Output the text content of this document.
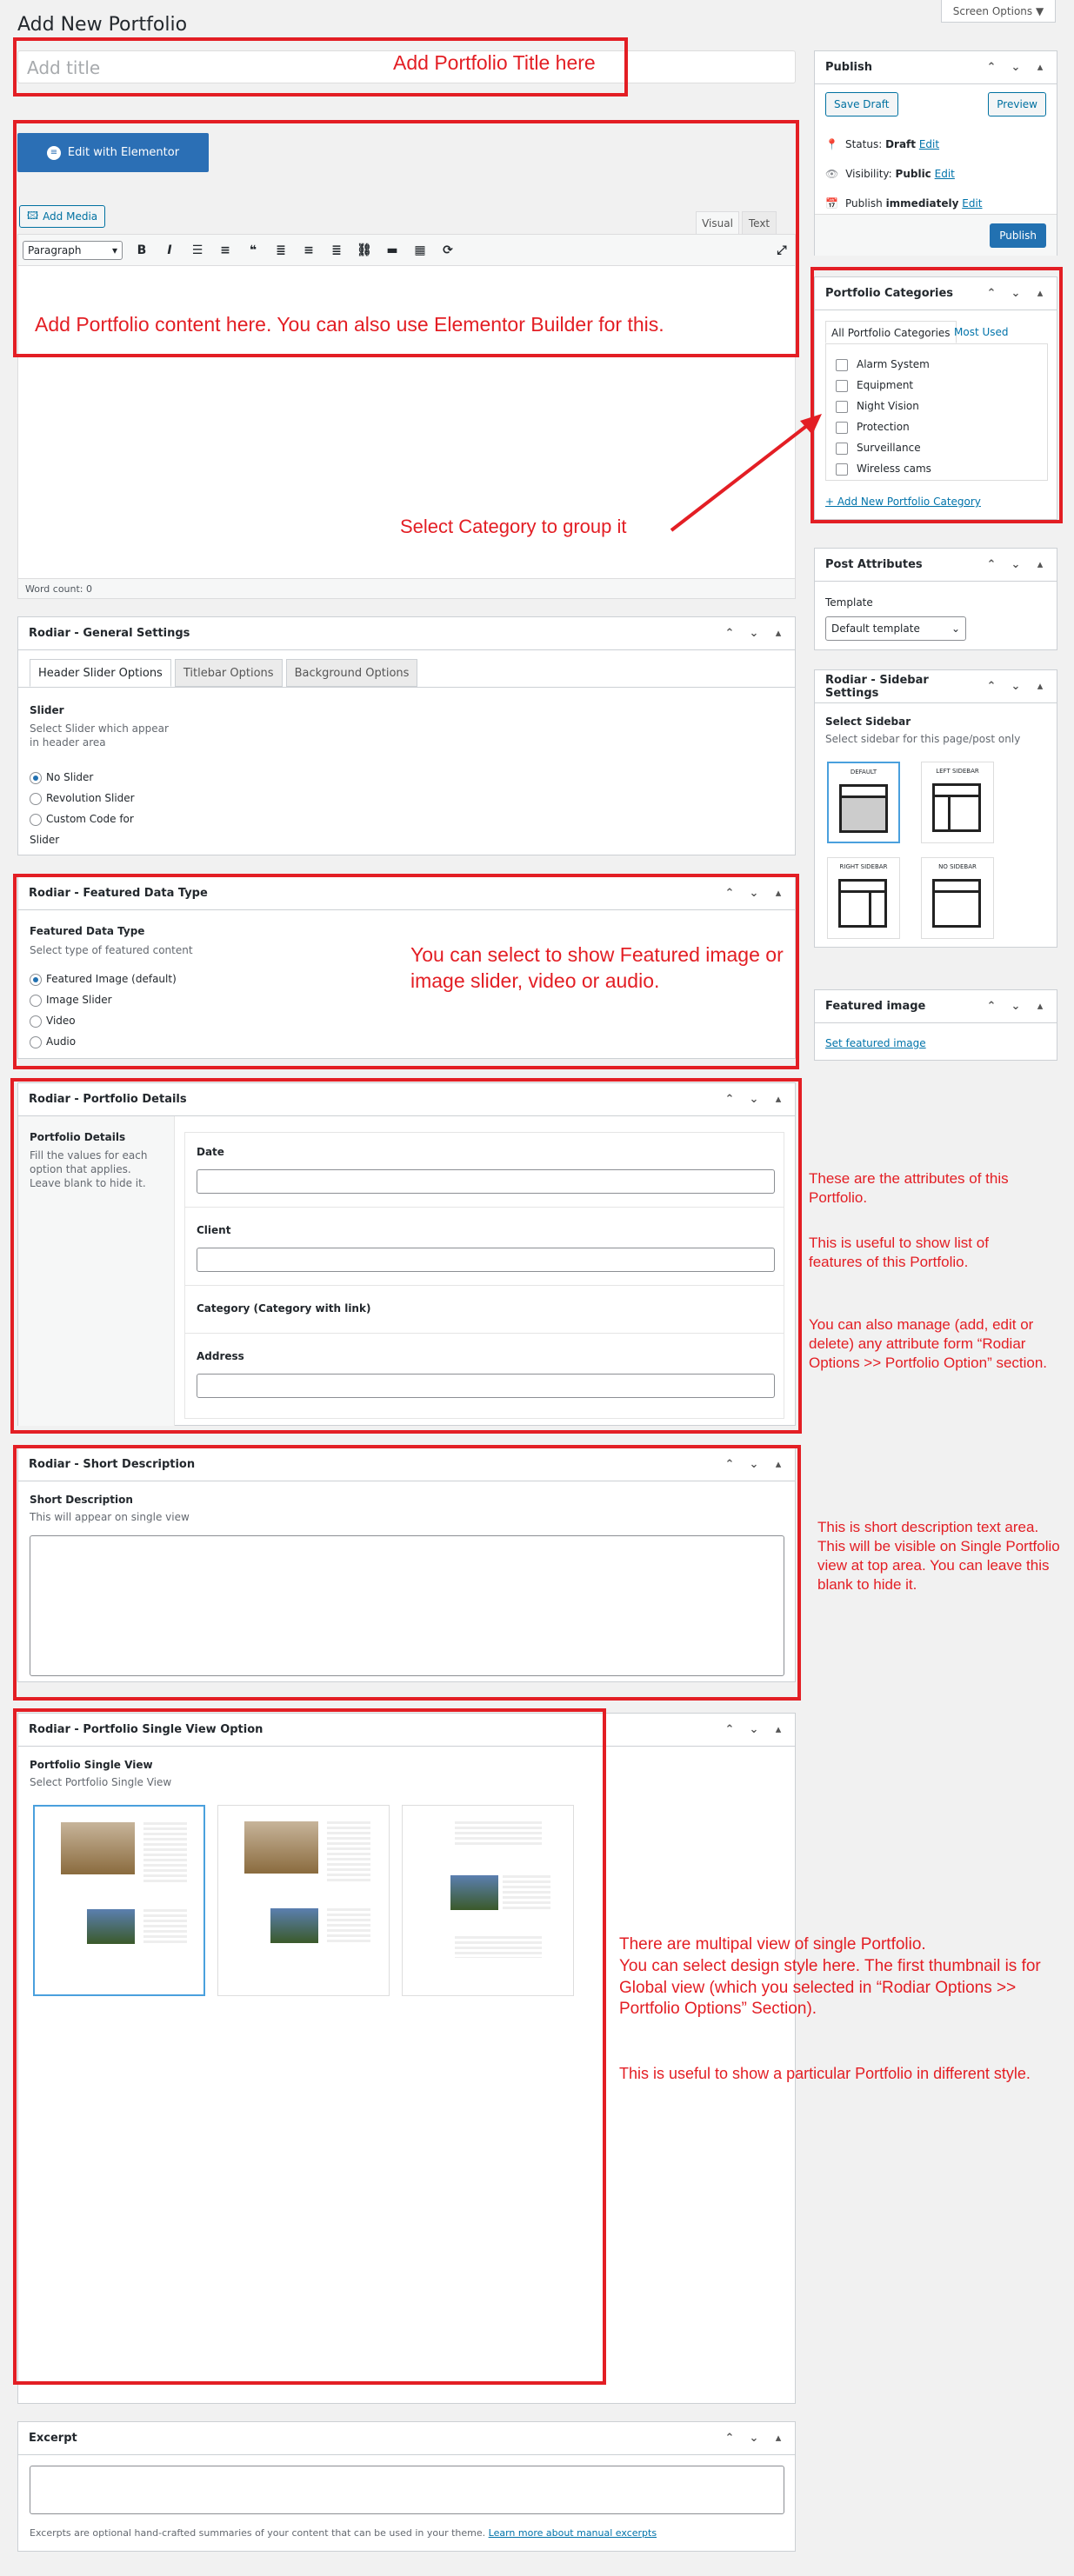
Add New Portfolio
Screen Options ▼
Add title
≡ Edit with Elementor
🖾 Add Media
Visual	Text
Paragraph	▾	B	I	☰ ≡	❝	≣ ≡ ≣ ⛓ ▬ ▦ ⟳	⤢
Word count: 0
Rodiar - General Settings	⌃ ⌄ ▴
Header Slider Options	Titlebar Options	Background Options
Slider
Select Slider which appear in header area
No Slider
Revolution Slider
Custom Code for Slider
Rodiar - Featured Data Type	⌃ ⌄ ▴
Featured Data Type
Select type of featured content
Featured Image (default)
Image Slider
Video
Audio
Rodiar - Portfolio Details	⌃ ⌄ ▴
Portfolio Details
Fill the values for each option that applies. Leave blank to hide it.
Date
Client
Category (Category with link)
Address
Rodiar - Short Description	⌃ ⌄ ▴
Short Description
This will appear on single view
Rodiar - Portfolio Single View Option	⌃ ⌄ ▴
Portfolio Single View
Select Portfolio Single View
Excerpt	⌃ ⌄ ▴
Excerpts are optional hand-crafted summaries of your content that can be used in your theme. Learn more about manual excerpts
Publish	⌃ ⌄ ▴
Save Draft	Preview
📍 Status: Draft Edit
👁 Visibility: Public Edit
📅 Publish immediately Edit
Publish
Portfolio Categories	⌃ ⌄ ▴
All Portfolio Categories Most Used
Alarm System
Equipment
Night Vision
Protection
Surveillance
Wireless cams
+ Add New Portfolio Category
Post Attributes	⌃ ⌄ ▴
Template
Default template	⌄
Rodiar - Sidebar Settings	⌃ ⌄ ▴
Select Sidebar
Select sidebar for this page/post only
DEFAULT	LEFT SIDEBAR
RIGHT SIDEBAR	NO SIDEBAR
Featured image	⌃ ⌄ ▴
Set featured image
Add Portfolio Title here
Add Portfolio content here. You can also use Elementor Builder for this.
Select Category to group it
You can select to show Featured image or image slider, video or audio.
These are the attributes of this Portfolio.
This is useful to show list of features of this Portfolio.
You can also manage (add, edit or delete) any attribute form “Rodiar Options >> Portfolio Option” section.
This is short description text area. This will be visible on Single Portfolio view at top area. You can leave this blank to hide it.
There are multipal view of single Portfolio.
You can select design style here. The first thumbnail is for Global view (which you selected in “Rodiar Options >> Portfolio Options” Section).
This is useful to show a particular Portfolio in different style.
